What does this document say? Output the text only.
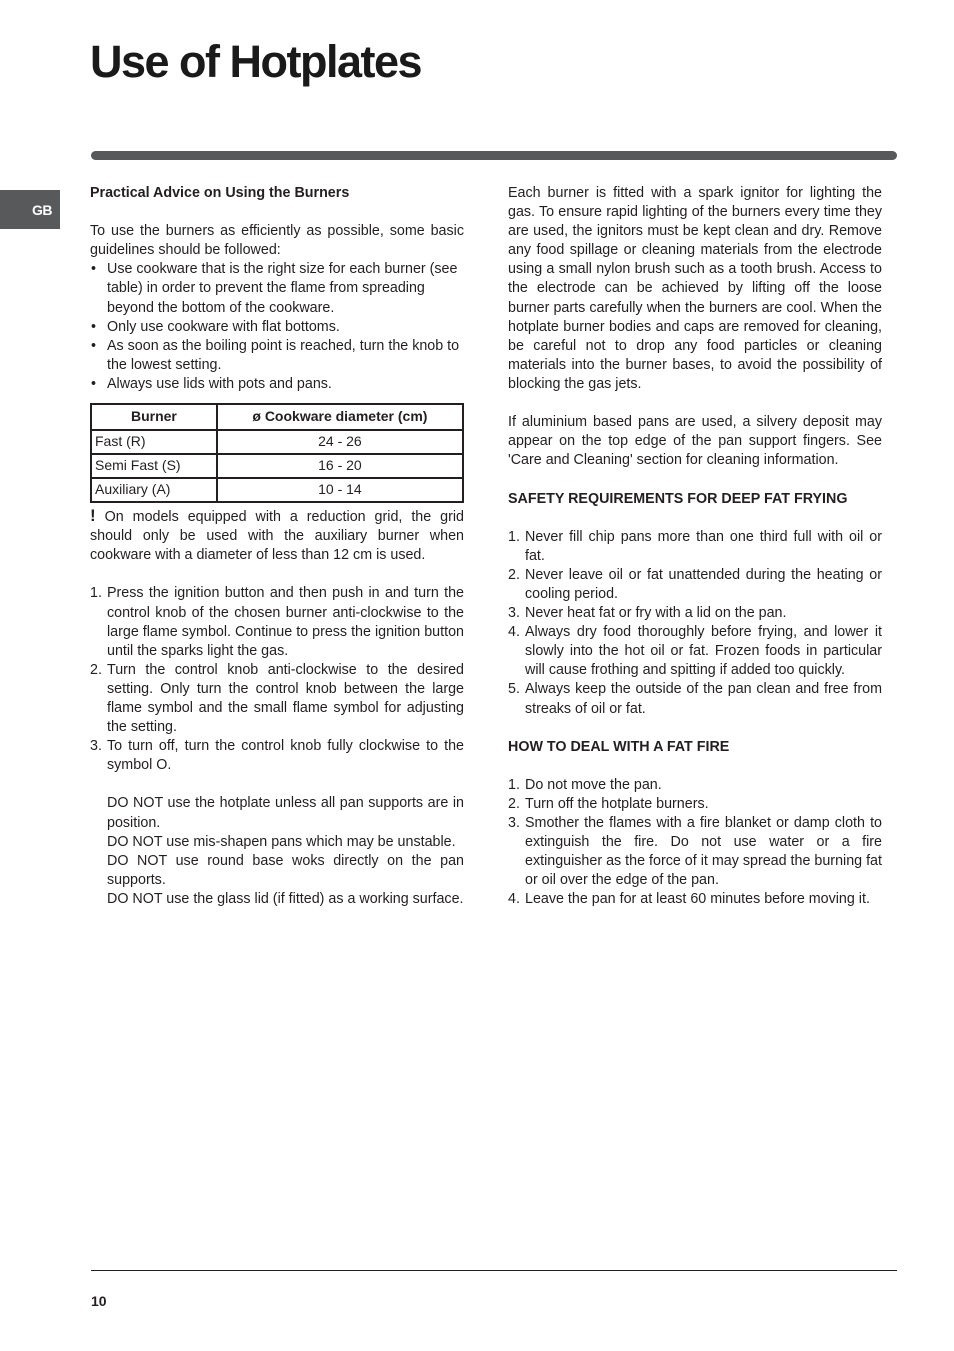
Use of Hotplates
GB

Practical Advice on Using the Burners

To use the burners as efficiently as possible, some basic guidelines should be followed:

• Use cookware that is the right size for each burner (see table) in order to prevent the flame from spreading beyond the bottom of the cookware.
• Only use cookware with flat bottoms.
• As soon as the boiling point is reached, turn the knob to the lowest setting.
• Always use lids with pots and pans.
Burner	ø Cookware diameter (cm)
Fast (R)	24 - 26
Semi Fast (S)	16 - 20
Auxiliary (A)	10 - 14

! On models equipped with a reduction grid, the grid should only be used with the auxiliary burner when cookware with a diameter of less than 12 cm is used.

1. Press the ignition button and then push in and turn the control knob of the chosen burner anti-clockwise to the large flame symbol. Continue to press the ignition button until the sparks light the gas.
2. Turn the control knob anti-clockwise to the desired setting. Only turn the control knob between the large flame symbol and the small flame symbol for adjusting the setting.
3. To turn off, turn the control knob fully clockwise to the symbol O.

DO NOT use the hotplate unless all pan supports are in position.

DO NOT use mis-shapen pans which may be unstable.

DO NOT use round base woks directly on the pan supports.

DO NOT use the glass lid (if fitted) as a working surface.

Each burner is fitted with a spark ignitor for lighting the gas. To ensure rapid lighting of the burners every time they are used, the ignitors must be kept clean and dry. Remove any food spillage or cleaning materials from the electrode using a small nylon brush such as a tooth brush. Access to the electrode can be achieved by lifting off the loose burner parts carefully when the burners are cool. When the hotplate burner bodies and caps are removed for cleaning, be careful not to drop any food particles or cleaning materials into the burner bases, to avoid the possibility of blocking the gas jets.

If aluminium based pans are used, a silvery deposit may appear on the top edge of the pan support fingers. See 'Care and Cleaning' section for cleaning information.

SAFETY REQUIREMENTS FOR DEEP FAT FRYING

1. Never fill chip pans more than one third full with oil or fat.
2. Never leave oil or fat unattended during the heating or cooling period.
3. Never heat fat or fry with a lid on the pan.
4. Always dry food thoroughly before frying, and lower it slowly into the hot oil or fat. Frozen foods in particular will cause frothing and spitting if added too quickly.
5. Always keep the outside of the pan clean and free from streaks of oil or fat.

HOW TO DEAL WITH A FAT FIRE

1. Do not move the pan.
2. Turn off the hotplate burners.
3. Smother the flames with a fire blanket or damp cloth to extinguish the fire. Do not use water or a fire extinguisher as the force of it may spread the burning fat or oil over the edge of the pan.
4. Leave the pan for at least 60 minutes before moving it.
10
